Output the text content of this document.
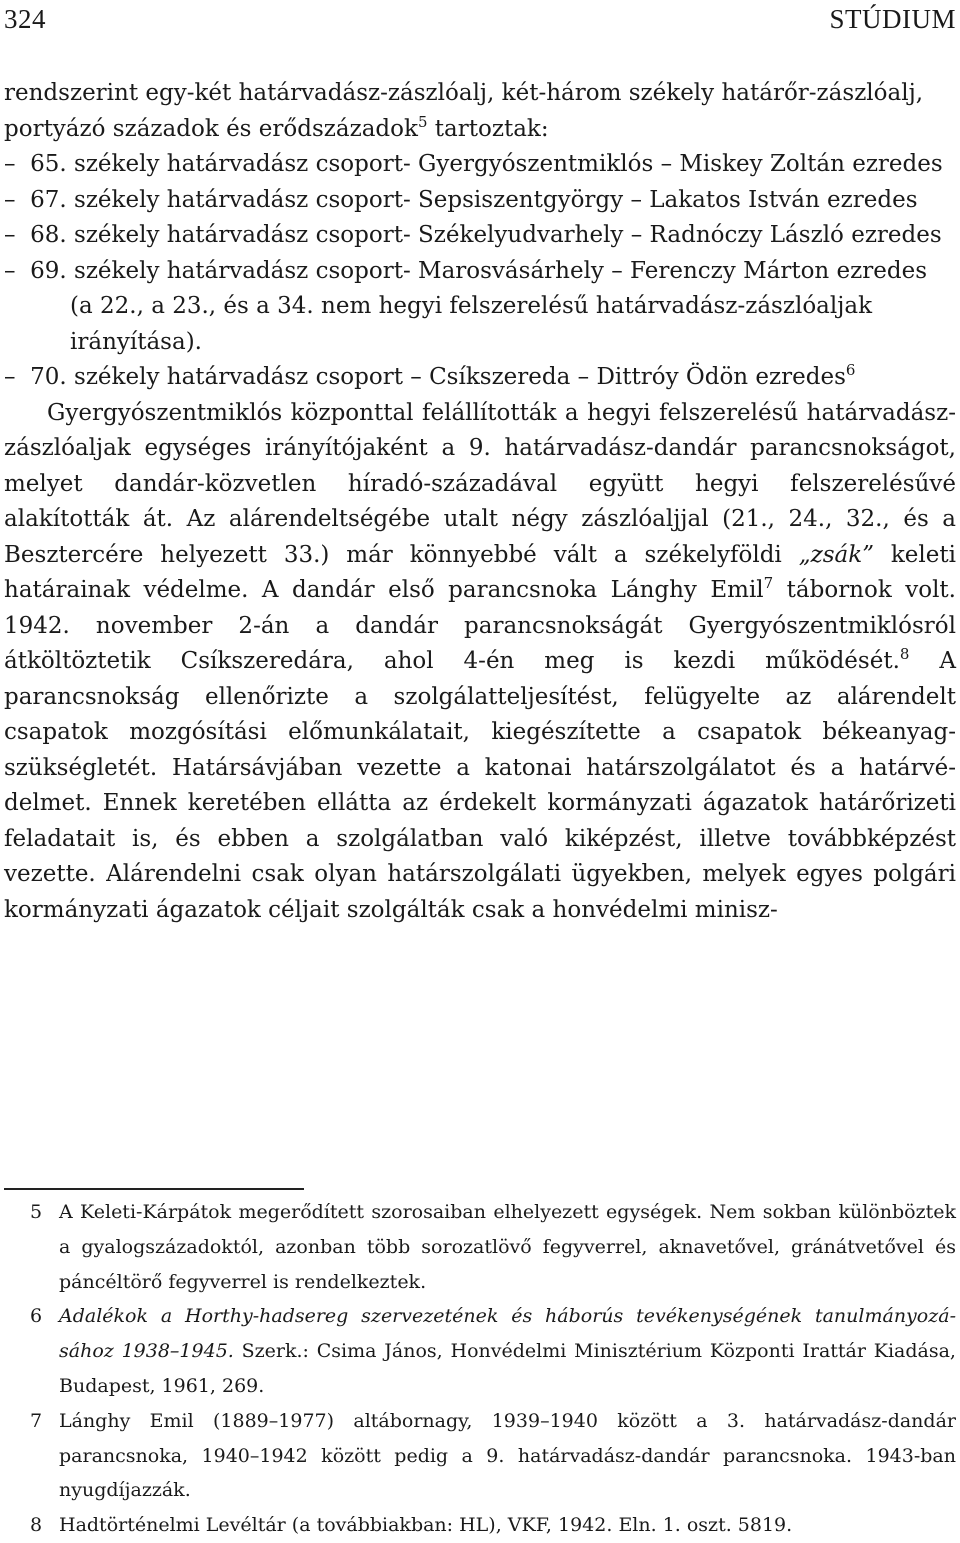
324	STÚDIUM
rendszerint egy-két határvadász-zászlóalj, két-három székely határőr-zászlóalj, portyázó századok és erődszázadok$^5$ tartoztak:
– 65. székely határvadász csoport- Gyergyószentmiklós – Miskey Zoltán ezredes
– 67. székely határvadász csoport- Sepsiszentgyörgy – Lakatos István ezredes
– 68. székely határvadász csoport- Székelyudvarhely – Radnóczy László ezredes
– 69. székely határvadász csoport- Marosvásárhely – Ferenczy Márton ezredes
(a 22., a 23., és a 34. nem hegyi felszerelésű határvadász-zászlóaljak irányítása).
– 70. székely határvadász csoport – Csíkszereda – Dittróy Ödön ezredes$^6$
Gyergyószentmiklós központtal felállították a hegyi felszerelésű határvadász-zászlóaljak egységes irányítójaként a 9. határvadász-dandár parancsnokságot, melyet dandár-közvetlen híradó-századával együtt hegyi felszerelésűvé alakították át. Az alárendeltségébe utalt négy zászlóaljjal (21., 24., 32., és a Besztercére helyezett 33.) már könnyebbé vált a székelyföldi „zsák” keleti határainak védelme. A dandár első parancsnoka Lánghy Emil$^7$ tábornok volt. 1942. november 2-án a dandár parancsnokságát Gyergyószentmiklósról átköltöztetik Csíkszeredára, ahol 4-én meg is kezdi működését.$^8$ A parancsnokság ellenőrizte a szolgálatteljesítést, felügyelte az alárendelt csapatok mozgósítási előmunkálatait, kiegészítette a csapatok békeanyagszükségletét. Határsávjában vezette a katonai határszolgálatot és a határvédelmet. Ennek keretében ellátta az érdekelt kormányzati ágazatok határőrizeti feladatait is, és ebben a szolgálatban való kiképzést, illetve továbbképzést vezette. Alárendelni csak olyan határszolgálati ügyekben, melyek egyes polgári kormányzati ágazatok céljait szolgálták csak a honvédelmi minisz-
5 A Keleti-Kárpátok megerődített szorosaiban elhelyezett egységek. Nem sokban különböztek a gyalogszázadoktól, azonban több sorozatlövő fegyverrel, aknavetővel, gránátvetővel és páncéltörő fegyverrel is rendelkeztek.
6 Adalékok a Horthy-hadsereg szervezetének és háborús tevékenységének tanulmányozásához 1938–1945. Szerk.: Csima János, Honvédelmi Minisztérium Központi Irattár Kiadása, Budapest, 1961, 269.
7 Lánghy Emil (1889–1977) altábornagy, 1939–1940 között a 3. határvadász-dandár parancsnoka, 1940–1942 között pedig a 9. határvadász-dandár parancsnoka. 1943-ban nyugdíjazzák.
8 Hadtörténelmi Levéltár (a továbbiakban: HL), VKF, 1942. Eln. 1. oszt. 5819.
